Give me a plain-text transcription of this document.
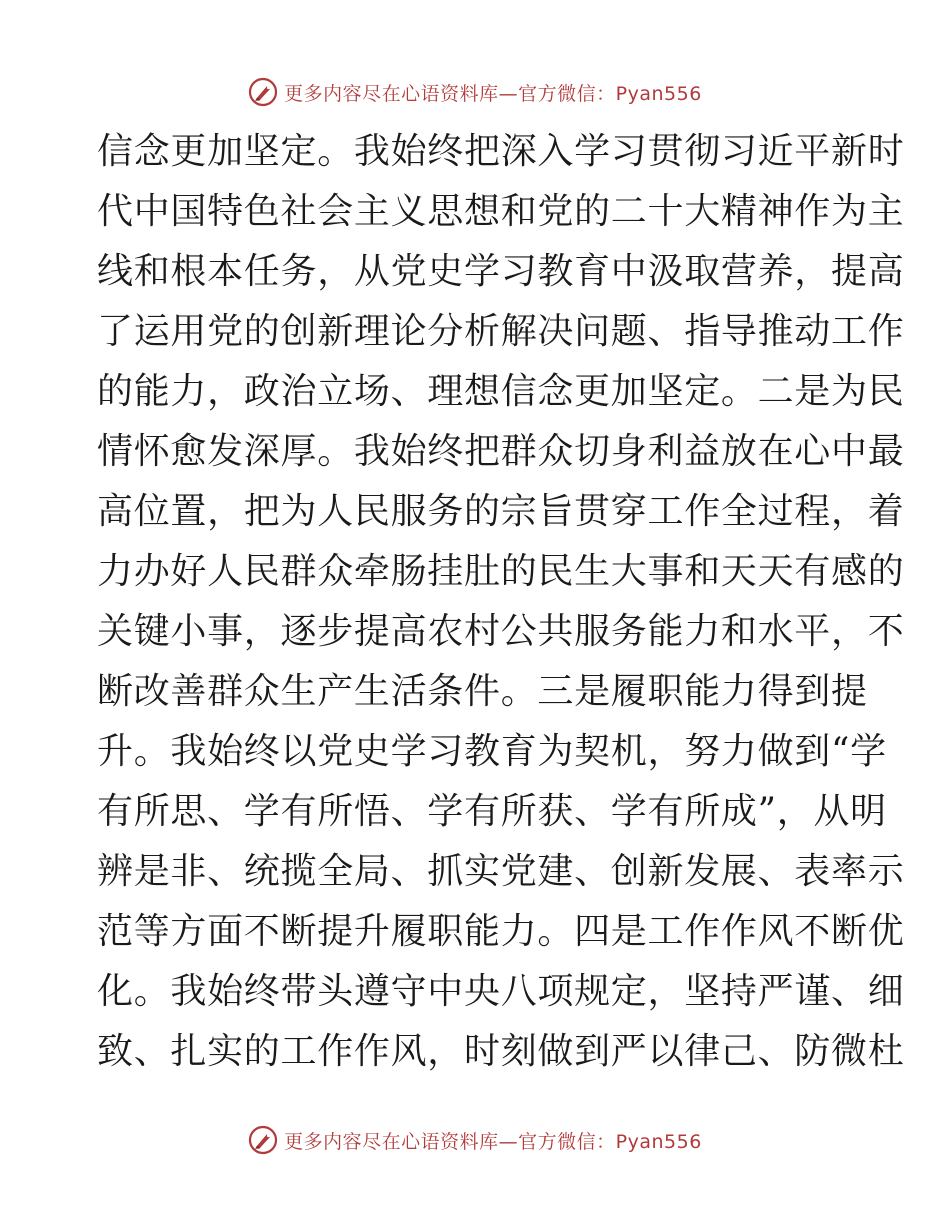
更多内容尽在心语资料库—官方微信：Pyan556
信念更加坚定。我始终把深入学习贯彻习近平新时
代中国特色社会主义思想和党的二十大精神作为主
线和根本任务，从党史学习教育中汲取营养，提高
了运用党的创新理论分析解决问题、指导推动工作
的能力，政治立场、理想信念更加坚定。二是为民
情怀愈发深厚。我始终把群众切身利益放在心中最
高位置，把为人民服务的宗旨贯穿工作全过程，着
力办好人民群众牵肠挂肚的民生大事和天天有感的
关键小事，逐步提高农村公共服务能力和水平，不
断改善群众生产生活条件。三是履职能力得到提
升。我始终以党史学习教育为契机，努力做到“学
有所思、学有所悟、学有所获、学有所成”，从明
辨是非、统揽全局、抓实党建、创新发展、表率示
范等方面不断提升履职能力。四是工作作风不断优
化。我始终带头遵守中央八项规定，坚持严谨、细
致、扎实的工作作风，时刻做到严以律己、防微杜
更多内容尽在心语资料库—官方微信：Pyan556
